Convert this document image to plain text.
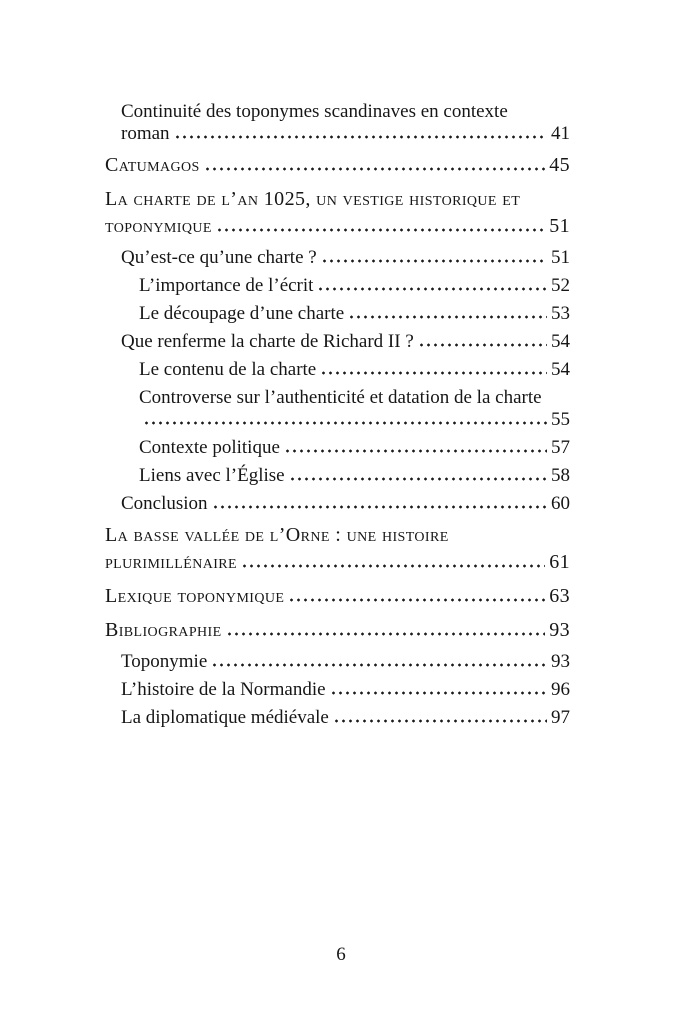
Continuité des toponymes scandinaves en contexte
roman	41
Catumagos	45
La charte de l’an 1025, un vestige historique et
toponymique	51
Qu’est-ce qu’une charte ?	51
L’importance de l’écrit	52
Le découpage d’une charte	53
Que renferme la charte de Richard II ?	54
Le contenu de la charte	54
Controverse sur l’authenticité et datation de la charte
55
Contexte politique	57
Liens avec l’Église	58
Conclusion	60
La basse vallée de l’Orne : une histoire
plurimillénaire	61
Lexique toponymique	63
Bibliographie	93
Toponymie	93
L’histoire de la Normandie	96
La diplomatique médiévale	97
6
